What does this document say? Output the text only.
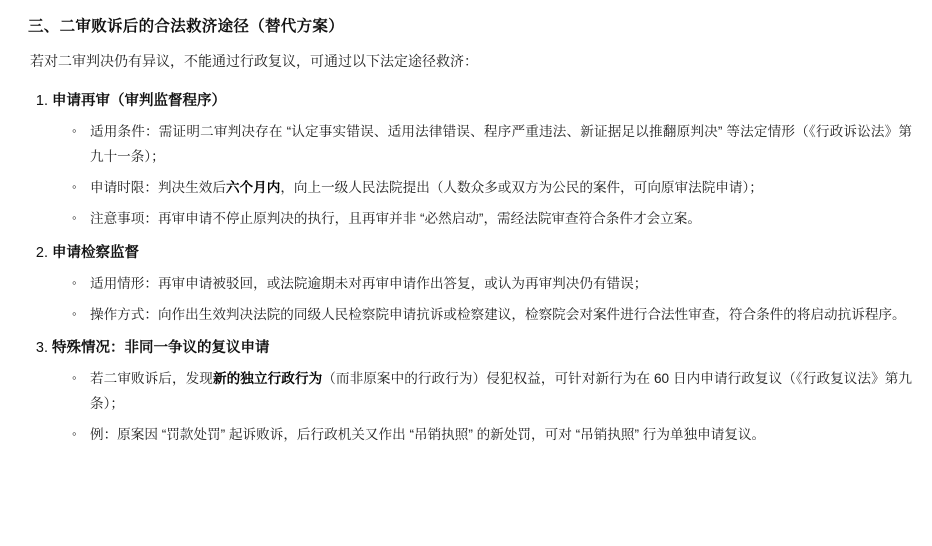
三、二审败诉后的合法救济途径（替代方案）

若对二审判决仍有异议，不能通过行政复议，可通过以下法定途径救济：

1. 申请再审（审判监督程序）
◦ 适用条件：需证明二审判决存在 “认定事实错误、适用法律错误、程序严重违法、新证据足以推翻原判决” 等法定情形（《行政诉讼法》第九十一条）；
◦ 申请时限：判决生效后六个月内，向上一级人民法院提出（人数众多或双方为公民的案件，可向原审法院申请）；
◦ 注意事项：再审申请不停止原判决的执行，且再审并非 “必然启动”，需经法院审查符合条件才会立案。
2. 申请检察监督
◦ 适用情形：再审申请被驳回，或法院逾期未对再审申请作出答复，或认为再审判决仍有错误；
◦ 操作方式：向作出生效判决法院的同级人民检察院申请抗诉或检察建议，检察院会对案件进行合法性审查，符合条件的将启动抗诉程序。
3. 特殊情况：非同一争议的复议申请
◦ 若二审败诉后，发现新的独立行政行为（而非原案中的行政行为）侵犯权益，可针对新行为在 60 日内申请行政复议（《行政复议法》第九条）；
◦ 例：原案因 “罚款处罚” 起诉败诉，后行政机关又作出 “吊销执照” 的新处罚，可对 “吊销执照” 行为单独申请复议。
